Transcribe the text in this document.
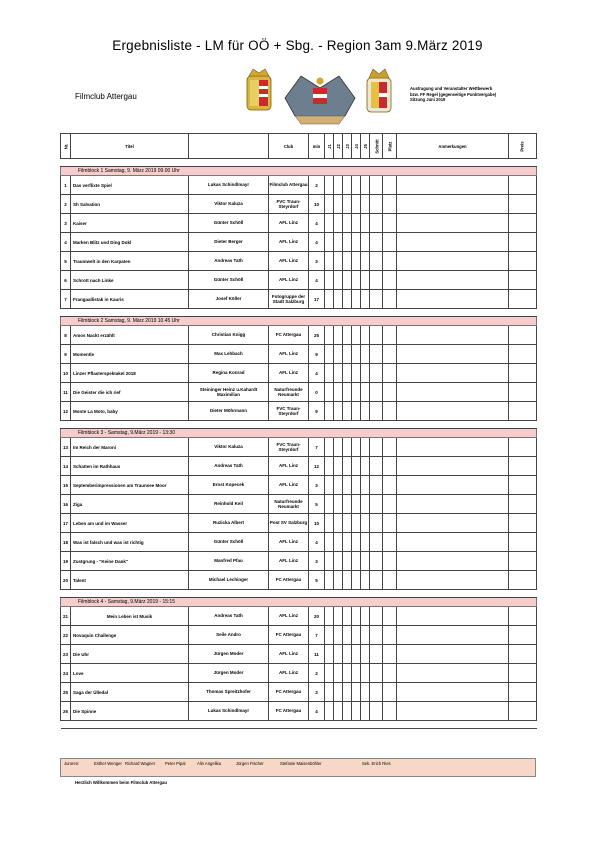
Ergebnisliste - LM für OÖ + Sbg. - Region 3am 9.März 2019
Filmclub Attergau
Austragung und Veranstalter Wettbewerb
bzw. FF Regel (gegenseitige Punktvergabe)
Sitzung Juni 2019
Nr.	Titel		Club	min	J1	J2	J3	J4	J5	Schnitt	Platz	Anmerkungen	Preis

Filmblock 1 Samstag, 9. März 2019 09.00 Uhr													
1	Das verflixte Spiel	Lukas Schindlmayr	Filmclub Attergau	2									
2	Sh Salvation	Viktor Kaluza	FVC Traun-Steyrdorf	10									
3	Kaiser	Günter Schöll	AFL Linz	4									
4	Marken Blitz und Ding Dokl	Dieter Berger	AFL Linz	4									
5	Traumwelt in den Karpaten	Andreas Tath	AFL Linz	3									
6	Schrott nach Linke	Günter Schöll	AFL Linz	4									
7	Frangaallistak in Kauris	Josef Köller	Fotogruppe der Stadt Salzburg	17									

Filmblock 2 Samstag, 9. März 2019 10.45 Uhr													
8	Amos Nackt erzählt	Christian Knigg	FC Attergau	25									
9	Momentle	Max Lehbach	AFL Linz	9									
10	Linzer Pflasterspektakel 2018	Regina Konrad	AFL Linz	4									
11	Die Geister die ich rief	Steininger Heinz u.Kahardt Maximilian	Naturfreunde Neumarkt	0									
12	Monte La Moto, baby	Dieter Möhrmann	FVC Traun-Steyrdorf	9									

Filmblock 3 - Samstag, 9.März 2019 - 13:30													
13	Im Reich der Maroni	Viktor Kaluza	FVC Traun-Steyrdorf	7									
14	Schatten im Rathhaus	Andreas Tath	AFL Linz	12									
15	Septemberimpressionen am Traunsee Moor	Ernst Kopecek	AFL Linz	3									
16	Ziga	Reinhold Keil	Naturfreunde Neumarkt	5									
17	Leben am und im Wasser	Ruzicka Albert	Post SV Salzburg	10									
18	Was ist falsch und was ist richtig	Günter Schöll	AFL Linz	4									
19	Zustgrung - "Keine Dank"	Manfred Pfau	AFL Linz	3									
20	Talent	Michael Lechinger	FC Attergau	5									

Filmblock 4 - Samstag, 9.März 2019 - 15:15													
21	Mein Leben ist Musik	Andreas Tath	AFL Linz	20									
22	Novaquin Challenge	Seile Andro	FC Attergau	7									
23	Die Uhr	Jürgen Moder	AFL Linz	11									
24	Love	Jürgen Moder	AFL Linz	2									
25	Saga der Ülledal	Thomas Spreitzhofer	FC Attergau	3									
26	Die Spinne	Lukas Schindlmayr	FC Attergau	4									

Juroren:	Esther Wenger Richard Wagner Peter Pipal	Alin Angelika	Jürgen Fischer	Stefanie Maisenböhler	Sek. Erich Ries
Herzlich Willkommen beim Filmclub Attergau
